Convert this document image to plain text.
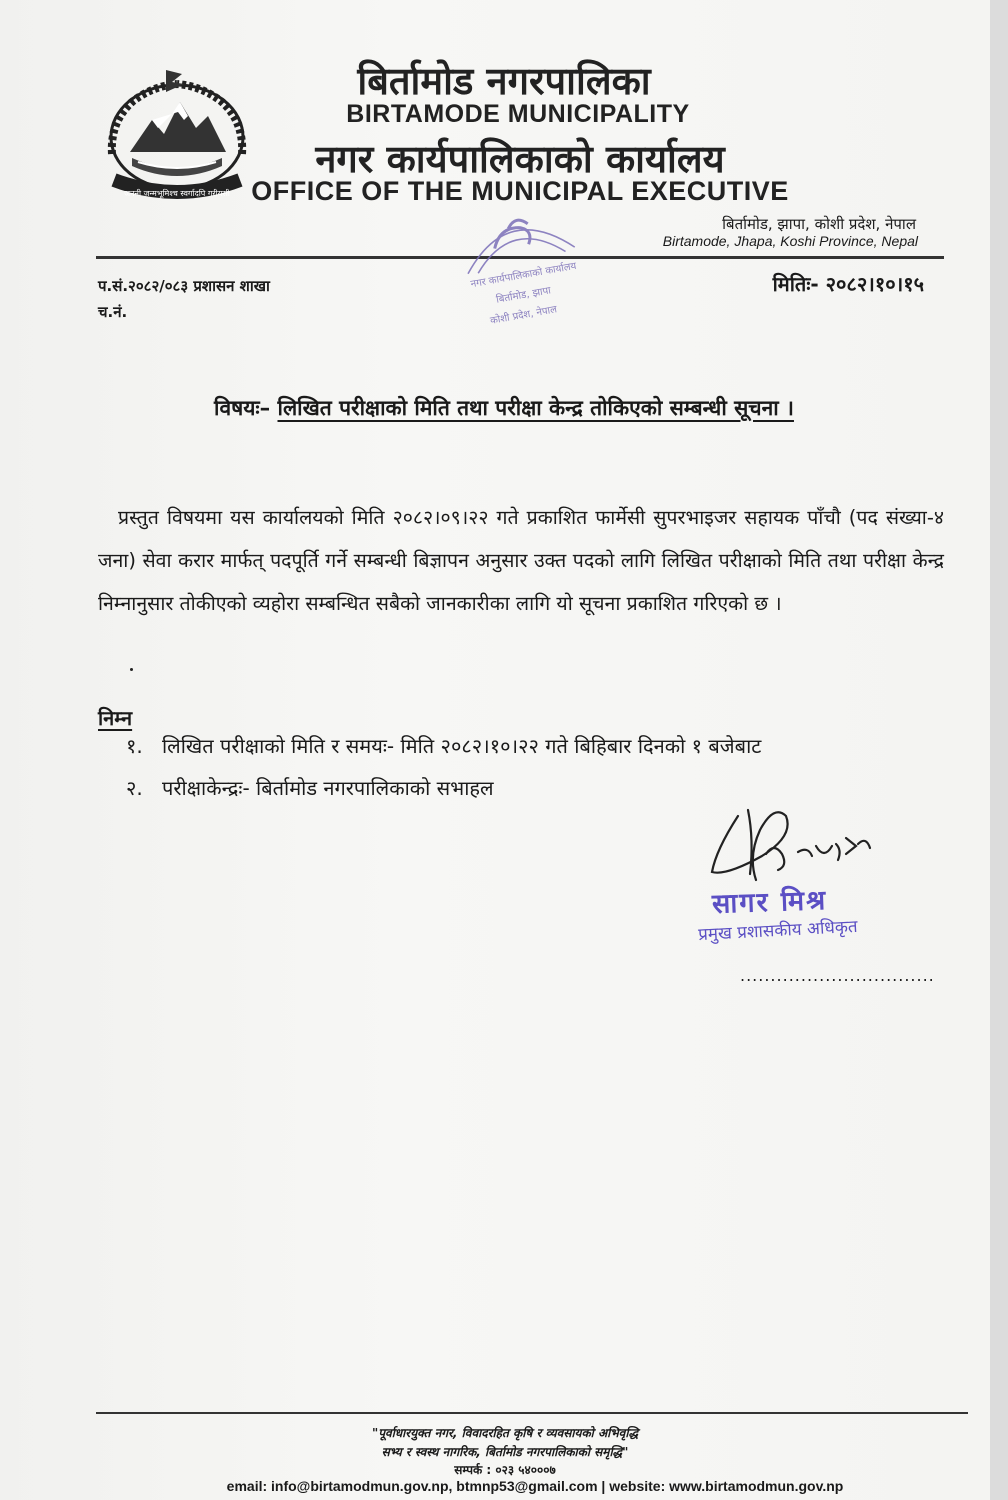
जननी जन्मभूमिश्च स्वर्गादपि गरीयसी
बिर्तामोड नगरपालिका
BIRTAMODE MUNICIPALITY
नगर कार्यपालिकाको कार्यालय
OFFICE OF THE MUNICIPAL EXECUTIVE
बिर्तामोड, झापा, कोशी प्रदेश, नेपाल
Birtamode, Jhapa, Koshi Province, Nepal
प.सं.२०८२/०८३ प्रशासन शाखा
च.नं.
मितिः- २०८२।१०।१५
नगर कार्यपालिकाको कार्यालय
बिर्तामोड, झापा
कोशी प्रदेश, नेपाल
विषयः– लिखित परीक्षाको मिति तथा परीक्षा केन्द्र तोकिएको सम्बन्धी सूचना ।
प्रस्तुत विषयमा यस कार्यालयको मिति २०८२।०९।२२ गते प्रकाशित फार्मेसी सुपरभाइजर सहायक पाँचौ (पद संख्या-४ जना) सेवा करार मार्फत् पदपूर्ति गर्ने सम्बन्धी बिज्ञापन अनुसार उक्त पदको लागि लिखित परीक्षाको मिति तथा परीक्षा केन्द्र निम्नानुसार तोकीएको व्यहोरा सम्बन्धित सबैको जानकारीका लागि यो सूचना प्रकाशित गरिएको छ ।
निम्न
१. लिखित परीक्षाको मिति र समयः- मिति २०८२।१०।२२ गते बिहिबार दिनको १ बजेबाट
२. परीक्षाकेन्द्रः- बिर्तामोड नगरपालिकाको सभाहल
सागर मिश्र
प्रमुख प्रशासकीय अधिकृत
................................
"पूर्वाधारयुक्त नगर, विवादरहित कृषि र व्यवसायको अभिवृद्धि
सभ्य र स्वस्थ नागरिक, बिर्तामोड नगरपालिकाको समृद्धि"
सम्पर्क : ०२३ ५४०००७
email: info@birtamodmun.gov.np, btmnp53@gmail.com | website: www.birtamodmun.gov.np
